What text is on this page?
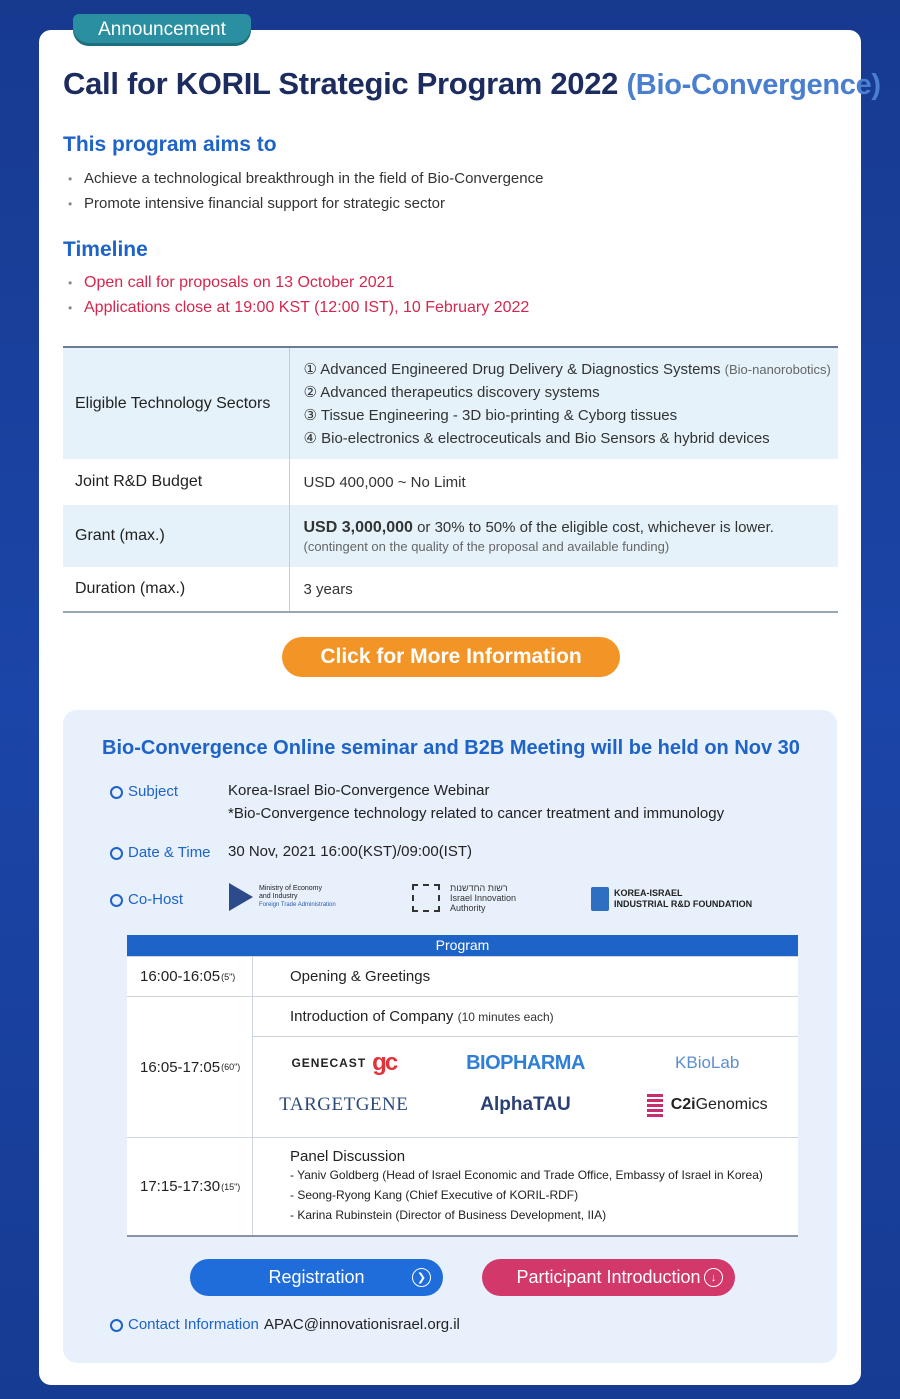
Announcement
Call for KORIL Strategic Program 2022 (Bio-Convergence)
This program aims to
• Achieve a technological breakthrough in the field of Bio-Convergence
• Promote intensive financial support for strategic sector
Timeline
• Open call for proposals on 13 October 2021
• Applications close at 19:00 KST (12:00 IST), 10 February 2022
Eligible Technology Sectors	① Advanced Engineered Drug Delivery & Diagnostics Systems (Bio-nanorobotics)
② Advanced therapeutics discovery systems
③ Tissue Engineering - 3D bio-printing & Cyborg tissues
④ Bio-electronics & electroceuticals and Bio Sensors & hybrid devices

Joint R&D Budget	USD 400,000 ~ No Limit
Grant (max.)	USD 3,000,000 or 30% to 50% of the eligible cost, whichever is lower.
(contingent on the quality of the proposal and available funding)

Duration (max.)	3 years
Click for More Information
Bio-Convergence Online seminar and B2B Meeting will be held on Nov 30
Subject	Korea-Israel Bio-Convergence Webinar
*Bio-Convergence technology related to cancer treatment and immunology
Date & Time 30 Nov, 2021 16:00(KST)/09:00(IST)
Co-Host
Ministry of Economy
and Industry
Foreign Trade Administration
רשות החדשנות
Israel Innovation
Authority
KOREA-ISRAEL
INDUSTRIAL R&D FOUNDATION
Program
16:00-16:05 (5")	Opening & Greetings
16:05-17:05 (60")
Introduction of Company
(10 minutes each)
GENECAST gc	BIOPHARMA	KBioLab
TARGETGENE	AlphaTAU	C2i Genomics
17:15-17:30 (15")
Panel Discussion
- Yaniv Goldberg (Head of Israel Economic and Trade Office, Embassy of Israel in Korea)
- Seong-Ryong Kang (Chief Executive of KORIL-RDF)
- Karina Rubinstein (Director of Business Development, IIA)
Registration	❯	Participant Introduction ↓
Contact Information APAC@innovationisrael.org.il
